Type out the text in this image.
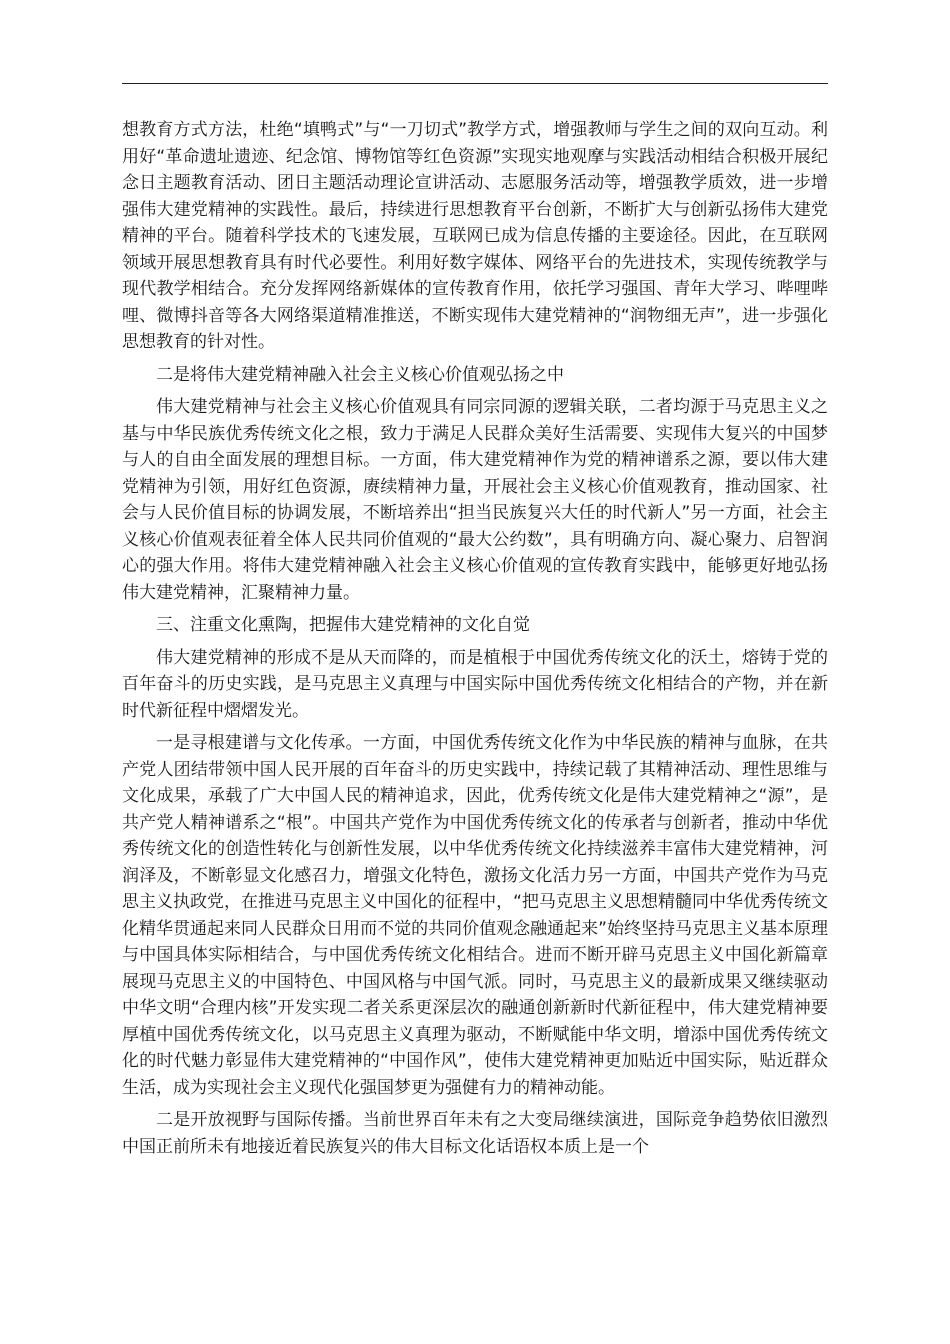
想教育方式方法，杜绝“填鸭式”与“一刀切式”教学方式，增强教师与学生之间的双向互动。利用好“革命遗址遗迹、纪念馆、博物馆等红色资源”实现实地观摩与实践活动相结合积极开展纪念日主题教育活动、团日主题活动理论宣讲活动、志愿服务活动等，增强教学质效，进一步增强伟大建党精神的实践性。最后，持续进行思想教育平台创新，不断扩大与创新弘扬伟大建党精神的平台。随着科学技术的飞速发展，互联网已成为信息传播的主要途径。因此，在互联网领域开展思想教育具有时代必要性。利用好数字媒体、网络平台的先进技术，实现传统教学与现代教学相结合。充分发挥网络新媒体的宣传教育作用，依托学习强国、青年大学习、哔哩哔哩、微博抖音等各大网络渠道精准推送，不断实现伟大建党精神的“润物细无声”，进一步强化思想教育的针对性。

二是将伟大建党精神融入社会主义核心价值观弘扬之中

伟大建党精神与社会主义核心价值观具有同宗同源的逻辑关联，二者均源于马克思主义之基与中华民族优秀传统文化之根，致力于满足人民群众美好生活需要、实现伟大复兴的中国梦与人的自由全面发展的理想目标。一方面，伟大建党精神作为党的精神谱系之源，要以伟大建党精神为引领，用好红色资源，赓续精神力量，开展社会主义核心价值观教育，推动国家、社会与人民价值目标的协调发展，不断培养出“担当民族复兴大任的时代新人”另一方面，社会主义核心价值观表征着全体人民共同价值观的“最大公约数”，具有明确方向、凝心聚力、启智润心的强大作用。将伟大建党精神融入社会主义核心价值观的宣传教育实践中，能够更好地弘扬伟大建党精神，汇聚精神力量。

三、注重文化熏陶，把握伟大建党精神的文化自觉

伟大建党精神的形成不是从天而降的，而是植根于中国优秀传统文化的沃土，熔铸于党的百年奋斗的历史实践，是马克思主义真理与中国实际中国优秀传统文化相结合的产物，并在新时代新征程中熠熠发光。

一是寻根建谱与文化传承。一方面，中国优秀传统文化作为中华民族的精神与血脉，在共产党人团结带领中国人民开展的百年奋斗的历史实践中，持续记载了其精神活动、理性思维与文化成果，承载了广大中国人民的精神追求，因此，优秀传统文化是伟大建党精神之“源”，是共产党人精神谱系之“根”。中国共产党作为中国优秀传统文化的传承者与创新者，推动中华优秀传统文化的创造性转化与创新性发展，以中华优秀传统文化持续滋养丰富伟大建党精神，河润泽及，不断彰显文化感召力，增强文化特色，激扬文化活力另一方面，中国共产党作为马克思主义执政党，在推进马克思主义中国化的征程中，“把马克思主义思想精髓同中华优秀传统文化精华贯通起来同人民群众日用而不觉的共同价值观念融通起来”始终坚持马克思主义基本原理与中国具体实际相结合，与中国优秀传统文化相结合。进而不断开辟马克思主义中国化新篇章展现马克思主义的中国特色、中国风格与中国气派。同时，马克思主义的最新成果又继续驱动中华文明“合理内核”开发实现二者关系更深层次的融通创新新时代新征程中，伟大建党精神要厚植中国优秀传统文化，以马克思主义真理为驱动，不断赋能中华文明，增添中国优秀传统文化的时代魅力彰显伟大建党精神的“中国作风”，使伟大建党精神更加贴近中国实际，贴近群众生活，成为实现社会主义现代化强国梦更为强健有力的精神动能。

二是开放视野与国际传播。当前世界百年未有之大变局继续演进，国际竞争趋势依旧激烈中国正前所未有地接近着民族复兴的伟大目标文化话语权本质上是一个
